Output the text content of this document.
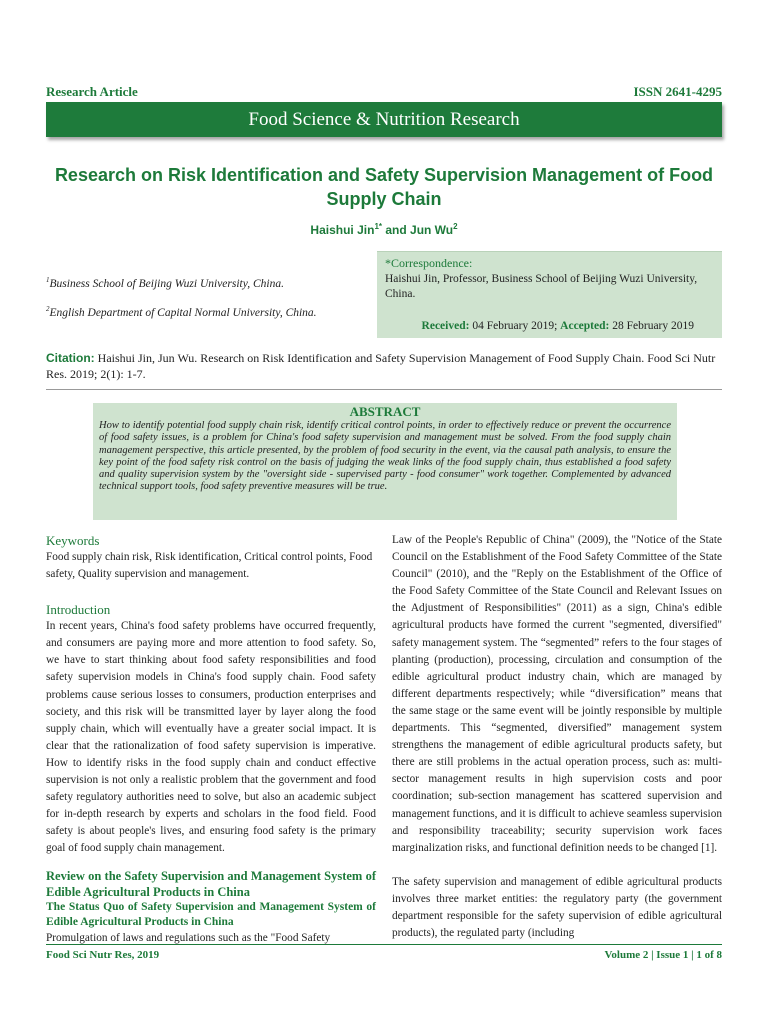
Research Article	ISSN 2641-4295
Food Science & Nutrition Research
Research on Risk Identification and Safety Supervision Management of Food Supply Chain
Haishui Jin$^{1*}$ and Jun Wu$^2$
$^1$Business School of Beijing Wuzi University, China.
$^2$English Department of Capital Normal University, China.
*Correspondence:
Haishui Jin, Professor, Business School of Beijing Wuzi University, China.
Received: 04 February 2019; Accepted: 28 February 2019
Citation: Haishui Jin, Jun Wu. Research on Risk Identification and Safety Supervision Management of Food Supply Chain. Food Sci Nutr Res. 2019; 2(1): 1-7.
ABSTRACT
How to identify potential food supply chain risk, identify critical control points, in order to effectively reduce or prevent the occurrence of food safety issues, is a problem for China's food safety supervision and management must be solved. From the food supply chain management perspective, this article presented, by the problem of food security in the event, via the causal path analysis, to ensure the key point of the food safety risk control on the basis of judging the weak links of the food supply chain, thus established a food safety and quality supervision system by the "oversight side - supervised party - food consumer" work together. Complemented by advanced technical support tools, food safety preventive measures will be true.
Keywords
Food supply chain risk, Risk identification, Critical control points, Food safety, Quality supervision and management.
Introduction
In recent years, China's food safety problems have occurred frequently, and consumers are paying more and more attention to food safety. So, we have to start thinking about food safety responsibilities and food safety supervision models in China's food supply chain. Food safety problems cause serious losses to consumers, production enterprises and society, and this risk will be transmitted layer by layer along the food supply chain, which will eventually have a greater social impact. It is clear that the rationalization of food safety supervision is imperative. How to identify risks in the food supply chain and conduct effective supervision is not only a realistic problem that the government and food safety regulatory authorities need to solve, but also an academic subject for in-depth research by experts and scholars in the food field. Food safety is about people's lives, and ensuring food safety is the primary goal of food supply chain management.
Review on the Safety Supervision and Management System of Edible Agricultural Products in China
The Status Quo of Safety Supervision and Management System of Edible Agricultural Products in China
Promulgation of laws and regulations such as the "Food Safety
Law of the People's Republic of China" (2009), the "Notice of the State Council on the Establishment of the Food Safety Committee of the State Council" (2010), and the "Reply on the Establishment of the Office of the Food Safety Committee of the State Council and Relevant Issues on the Adjustment of Responsibilities" (2011) as a sign, China's edible agricultural products have formed the current "segmented, diversified" safety management system. The “segmented” refers to the four stages of planting (production), processing, circulation and consumption of the edible agricultural product industry chain, which are managed by different departments respectively; while “diversification” means that the same stage or the same event will be jointly responsible by multiple departments. This “segmented, diversified” management system strengthens the management of edible agricultural products safety, but there are still problems in the actual operation process, such as: multi-sector management results in high supervision costs and poor coordination; sub-section management has scattered supervision and management functions, and it is difficult to achieve seamless supervision and responsibility traceability; security supervision work faces marginalization risks, and functional definition needs to be changed [1].
The safety supervision and management of edible agricultural products involves three market entities: the regulatory party (the government department responsible for the safety supervision of edible agricultural products), the regulated party (including
Food Sci Nutr Res, 2019	Volume 2 | Issue 1 | 1 of 8
